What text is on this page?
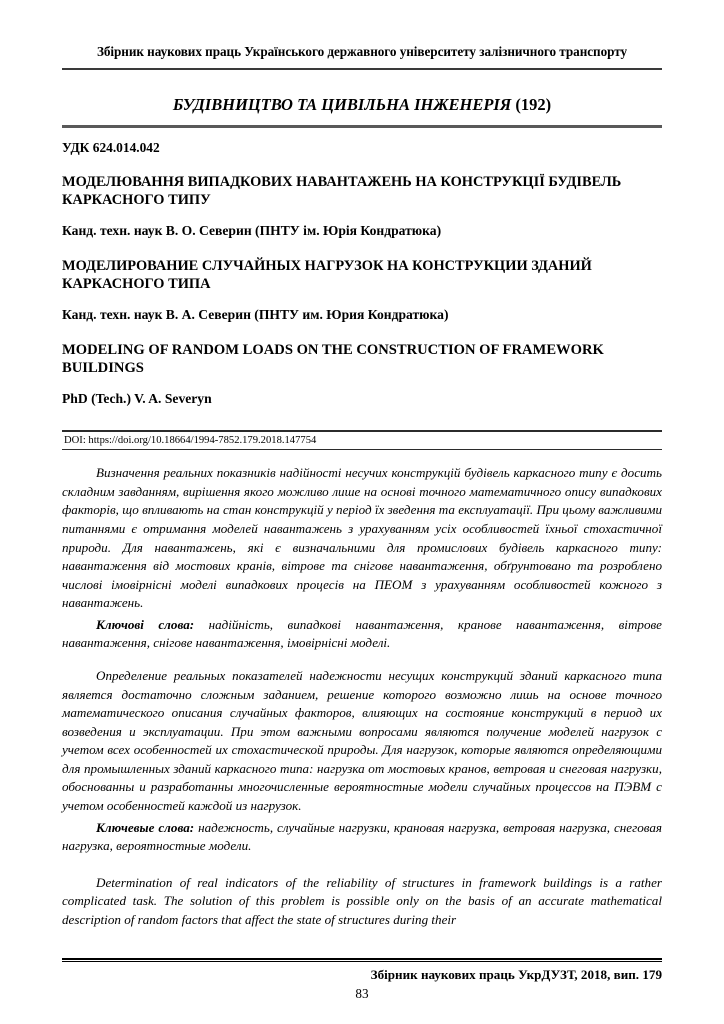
Збірник наукових праць Українського державного університету залізничного транспорту
БУДІВНИЦТВО ТА ЦИВІЛЬНА ІНЖЕНЕРІЯ (192)
УДК 624.014.042
МОДЕЛЮВАННЯ ВИПАДКОВИХ НАВАНТАЖЕНЬ НА КОНСТРУКЦІЇ БУДІВЕЛЬ КАРКАСНОГО ТИПУ
Канд. техн. наук В. О. Северин (ПНТУ ім. Юрія Кондратюка)
МОДЕЛИРОВАНИЕ СЛУЧАЙНЫХ НАГРУЗОК НА КОНСТРУКЦИИ ЗДАНИЙ КАРКАСНОГО ТИПА
Канд. техн. наук В. А. Северин (ПНТУ им. Юрия Кондратюка)
MODELING OF RANDOM LOADS ON THE CONSTRUCTION OF FRAMEWORK BUILDINGS
PhD (Tech.) V. A. Severyn
DOI: https://doi.org/10.18664/1994-7852.179.2018.147754
Визначення реальних показників надійності несучих конструкцій будівель каркасного типу є досить складним завданням, вирішення якого можливо лише на основі точного математичного опису випадкових факторів, що впливають на стан конструкцій у період їх зведення та експлуатації. При цьому важливими питаннями є отримання моделей навантажень з урахуванням усіх особливостей їхньої стохастичної природи. Для навантажень, які є визначальними для промислових будівель каркасного типу: навантаження від мостових кранів, вітрове та снігове навантаження, обґрунтовано та розроблено числові імовірнісні моделі випадкових процесів на ПЕОМ з урахуванням особливостей кожного з навантажень.
Ключові слова: надійність, випадкові навантаження, кранове навантаження, вітрове навантаження, снігове навантаження, імовірнісні моделі.
Определение реальных показателей надежности несущих конструкций зданий каркасного типа является достаточно сложным заданием, решение которого возможно лишь на основе точного математического описания случайных факторов, влияющих на состояние конструкций в период их возведения и эксплуатации. При этом важными вопросами являются получение моделей нагрузок с учетом всех особенностей их стохастической природы. Для нагрузок, которые являются определяющими для промышленных зданий каркасного типа: нагрузка от мостовых кранов, ветровая и снеговая нагрузки, обоснованны и разработанны многочисленные вероятностные модели случайных процессов на ПЭВМ с учетом особенностей каждой из нагрузок.
Ключевые слова: надежность, случайные нагрузки, крановая нагрузка, ветровая нагрузка, снеговая нагрузка, вероятностные модели.
Determination of real indicators of the reliability of structures in framework buildings is a rather complicated task. The solution of this problem is possible only on the basis of an accurate mathematical description of random factors that affect the state of structures during their
Збірник наукових праць УкрДУЗТ, 2018, вип. 179
83
